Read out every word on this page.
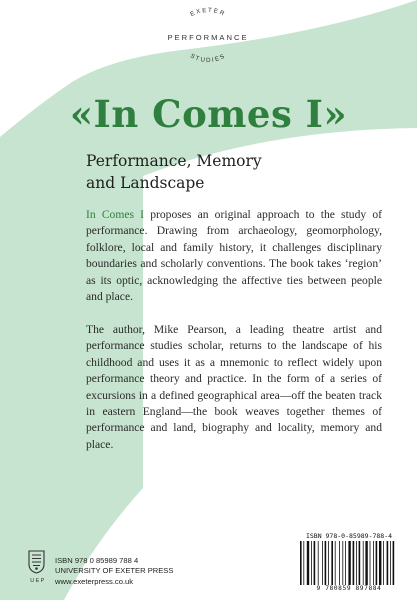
EXETER
PERFORMANCE
STUDIES
«In Comes I»

Performance, Memory
and Landscape

In Comes I proposes an original approach to the study of performance. Drawing from archaeology, geomorphology, folklore, local and family history, it challenges disciplinary boundaries and scholarly conventions. The book takes ‘region’ as its optic, acknowledging the affective ties between people and place.

The author, Mike Pearson, a leading theatre artist and performance studies scholar, returns to the landscape of his childhood and uses it as a mnemonic to reflect widely upon performance theory and practice. In the form of a series of excursions in a defined geographical area—off the beaten track in eastern England—the book weaves together themes of performance and land, biography and locality, memory and place.

ISBN 978-0-85989-788-4

9 780859 897884

UEP

ISBN 978 0 85989 788 4
UNIVERSITY OF EXETER PRESS
www.exeterpress.co.uk
